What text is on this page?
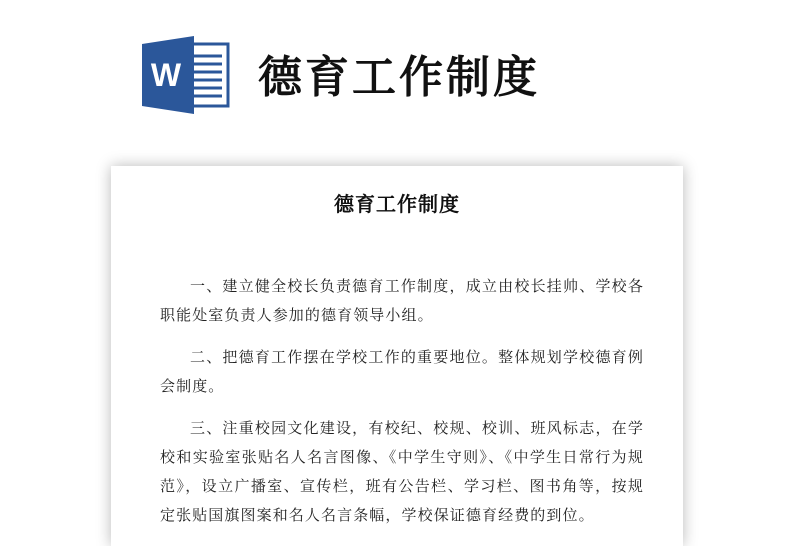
W 德育工作制度
德育工作制度

一、建立健全校长负责德育工作制度，成立由校长挂帅、学校各职能处室负责人参加的德育领导小组。

二、把德育工作摆在学校工作的重要地位。整体规划学校德育例会制度。

三、注重校园文化建设，有校纪、校规、校训、班风标志，在学校和实验室张贴名人名言图像、《中学生守则》、《中学生日常行为规范》，设立广播室、宣传栏，班有公告栏、学习栏、图书角等，按规定张贴国旗图案和名人名言条幅，学校保证德育经费的到位。
